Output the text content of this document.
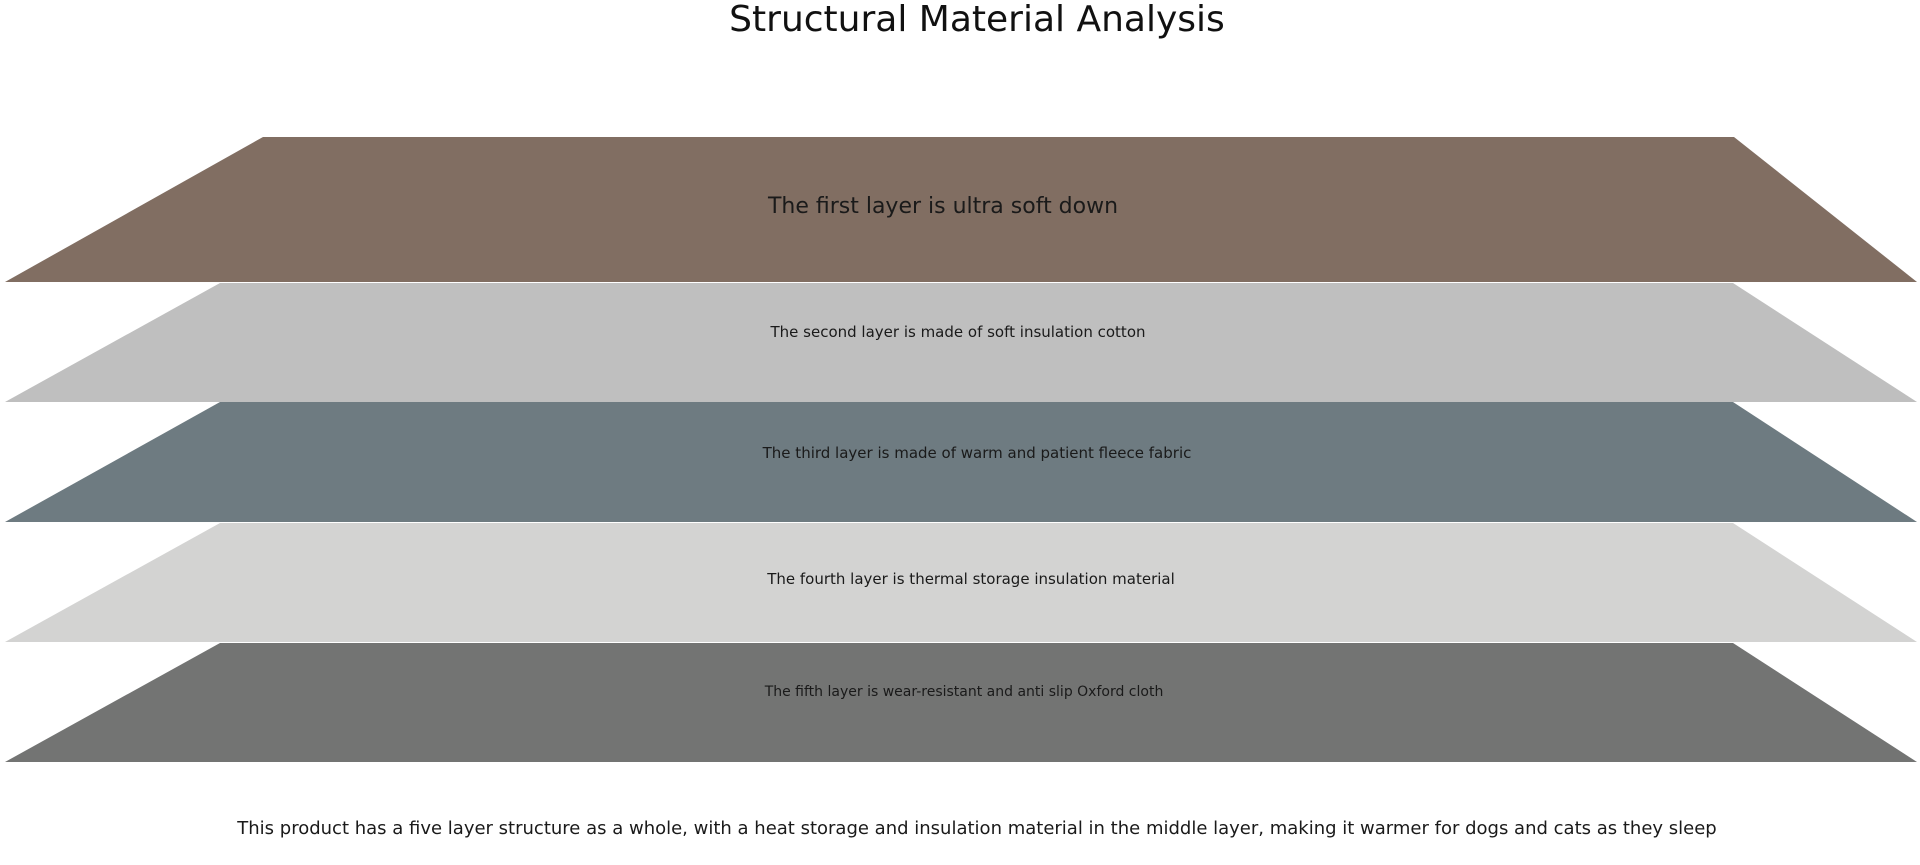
Structural Material Analysis
The first layer is ultra soft down
The second layer is made of soft insulation cotton
The third layer is made of warm and patient fleece fabric
The fourth layer is thermal storage insulation material
The fifth layer is wear-resistant and anti slip Oxford cloth

This product has a five layer structure as a whole, with a heat storage and insulation material in the middle layer, making it warmer for dogs and cats as they sleep
